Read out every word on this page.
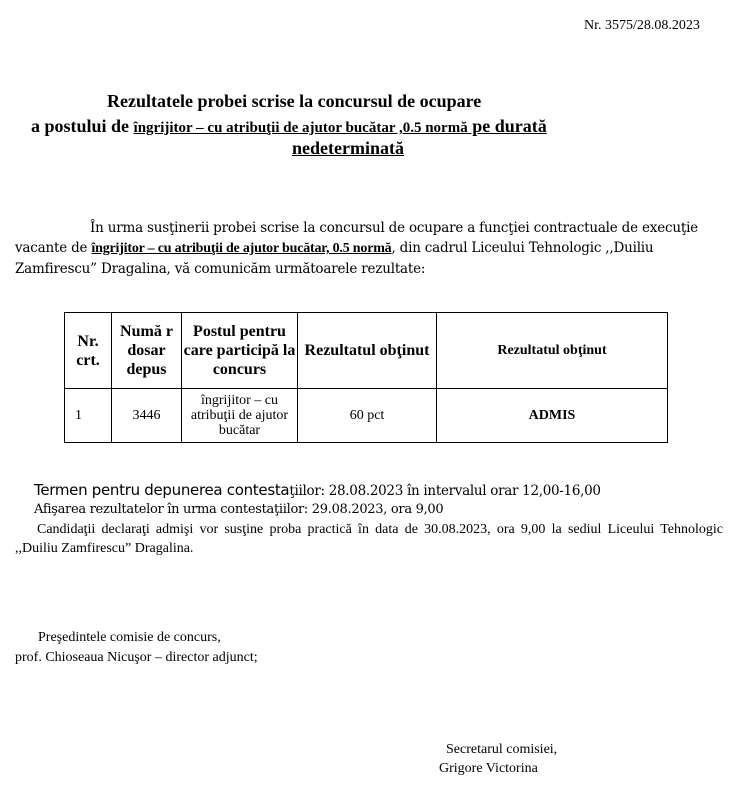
Nr. 3575/28.08.2023
Rezultatele probei scrise la concursul de ocupare
a postului de îngrijitor – cu atribuţii de ajutor bucătar ,0.5 normă pe durată
nedeterminată
În urma susţinerii probei scrise la concursul de ocupare a funcţiei contractuale de execuţie vacante de îngrijitor – cu atribuţii de ajutor bucătar, 0.5 normă, din cadrul Liceului Tehnologic ,,Duiliu Zamfirescu” Dragalina, vă comunicăm următoarele rezultate:
Nr. crt.	Numă r dosar depus	Postul pentru care participă la concurs	Rezultatul obţinut	Rezultatul obţinut
1	3446	îngrijitor – cu atribuţii de ajutor bucătar	60 pct	ADMIS
Termen pentru depunerea contestaţiilor: 28.08.2023 în intervalul orar 12,00-16,00
Afişarea rezultatelor în urma contestaţiilor: 29.08.2023, ora 9,00
Candidaţii declaraţi admişi vor susţine proba practică în data de 30.08.2023, ora 9,00 la sediul Liceului Tehnologic ,,Duiliu Zamfirescu” Dragalina.
Preşedintele comisie de concurs,
prof. Chioseaua Nicuşor – director adjunct;
Secretarul comisiei,
Grigore Victorina
